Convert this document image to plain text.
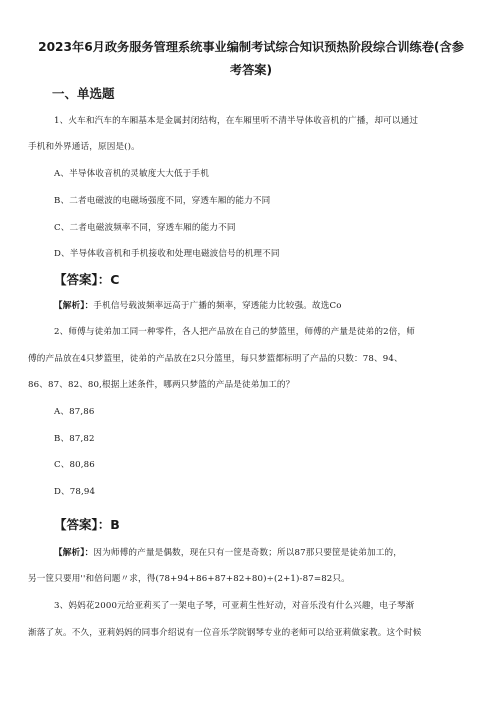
2023年6月政务服务管理系统事业编制考试综合知识预热阶段综合训练卷(含参
考答案)
一、单选题
1、火车和汽车的车厢基本是金属封闭结构，在车厢里听不清半导体收音机的广播，却可以通过
手机和外界通话，原因是()。
A、半导体收音机的灵敏度大大低于手机
B、二者电磁波的电磁场强度不同，穿透车厢的能力不同
C、二者电磁波频率不同，穿透车厢的能力不同
D、半导体收音机和手机接收和处理电磁波信号的机理不同
【答案】：C
【解析】：手机信号载波频率远高于广播的频率，穿透能力比较强。故选Co
2、师傅与徒弟加工同一种零件，各人把产品放在自己的梦篮里，师傅的产量是徒弟的2倍，师
傅的产品放在4只梦篮里，徒弟的产品放在2只分篮里，每只梦篮都标明了产品的只数：78、94、
86、87、82、80,根据上述条件，哪两只梦篮的产品是徒弟加工的？
A、87,86
B、87,82
C、80,86
D、78,94
【答案】：B
【解析】：因为师傅的产量是偶数，现在只有一筐是奇数；所以87那只要筐是徒弟加工的，
另一筐只要用''和倍问题〃求，得(78+94+86+87+82+80)÷(2+1)-87=82只。
3、妈妈花2000元给亚莉买了一架电子琴，可亚莉生性好动，对音乐没有什么兴趣，电子琴渐
渐落了灰。不久，亚莉妈妈的同事介绍说有一位音乐学院钢琴专业的老师可以给亚莉做家教。这个时候
